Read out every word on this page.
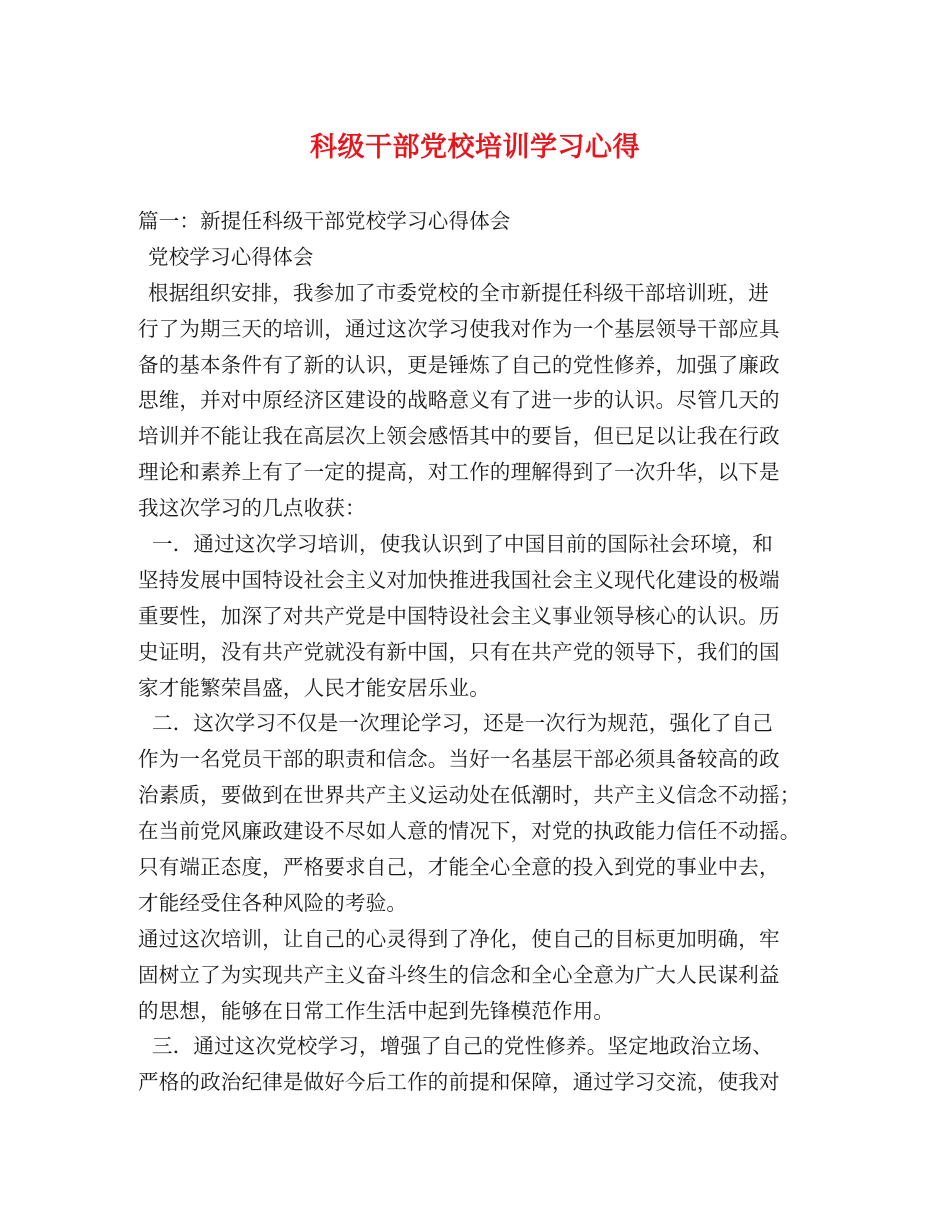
科级干部党校培训学习心得
篇一：新提任科级干部党校学习心得体会
党校学习心得体会
根据组织安排，我参加了市委党校的全市新提任科级干部培训班，进
行了为期三天的培训，通过这次学习使我对作为一个基层领导干部应具
备的基本条件有了新的认识，更是锤炼了自己的党性修养，加强了廉政
思维，并对中原经济区建设的战略意义有了进一步的认识。尽管几天的
培训并不能让我在高层次上领会感悟其中的要旨，但已足以让我在行政
理论和素养上有了一定的提高，对工作的理解得到了一次升华，以下是
我这次学习的几点收获：
一．通过这次学习培训，使我认识到了中国目前的国际社会环境，和
坚持发展中国特设社会主义对加快推进我国社会主义现代化建设的极端
重要性，加深了对共产党是中国特设社会主义事业领导核心的认识。历
史证明，没有共产党就没有新中国，只有在共产党的领导下，我们的国
家才能繁荣昌盛，人民才能安居乐业。
二．这次学习不仅是一次理论学习，还是一次行为规范，强化了自己
作为一名党员干部的职责和信念。当好一名基层干部必须具备较高的政
治素质，要做到在世界共产主义运动处在低潮时，共产主义信念不动摇；
在当前党风廉政建设不尽如人意的情况下，对党的执政能力信任不动摇。
只有端正态度，严格要求自己，才能全心全意的投入到党的事业中去，
才能经受住各种风险的考验。
通过这次培训，让自己的心灵得到了净化，使自己的目标更加明确，牢
固树立了为实现共产主义奋斗终生的信念和全心全意为广大人民谋利益
的思想，能够在日常工作生活中起到先锋模范作用。
三．通过这次党校学习，增强了自己的党性修养。坚定地政治立场、
严格的政治纪律是做好今后工作的前提和保障，通过学习交流，使我对
